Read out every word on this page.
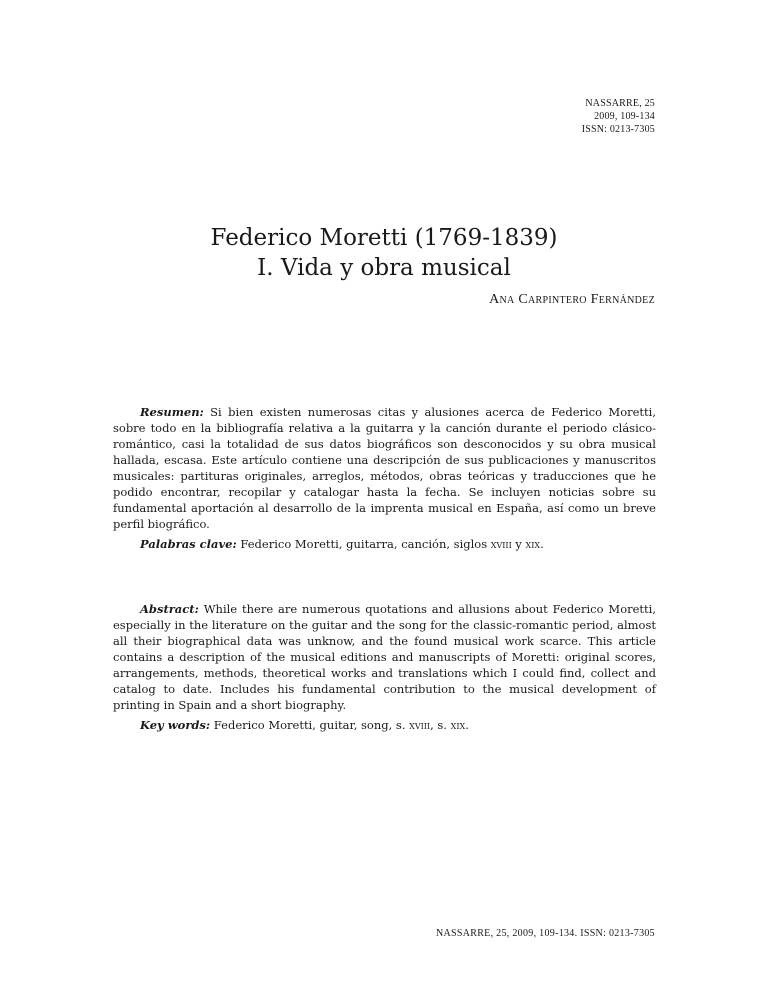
NASSARRE, 25
2009, 109-134
ISSN: 0213-7305
Federico Moretti (1769-1839)
I. Vida y obra musical
Ana Carpintero Fernández

Resumen: Si bien existen numerosas citas y alusiones acerca de Federico Moretti, sobre todo en la bibliografía relativa a la guitarra y la canción durante el periodo clásico-romántico, casi la totalidad de sus datos biográficos son desconocidos y su obra musical hallada, escasa. Este artículo contiene una descripción de sus publicaciones y manuscritos musicales: partituras originales, arreglos, métodos, obras teóricas y traducciones que he podido encontrar, recopilar y catalogar hasta la fecha. Se incluyen noticias sobre su fundamental aportación al desarrollo de la imprenta musical en España, así como un breve perfil biográfico.

Palabras clave: Federico Moretti, guitarra, canción, siglos xviii y xix.

Abstract: While there are numerous quotations and allusions about Federico Moretti, especially in the literature on the guitar and the song for the classic-romantic period, almost all their biographical data was unknow, and the found musical work scarce. This article contains a description of the musical editions and manuscripts of Moretti: original scores, arrangements, methods, theoretical works and translations which I could find, collect and catalog to date. Includes his fundamental contribution to the musical development of printing in Spain and a short biography.

Key words: Federico Moretti, guitar, song, s. xviii, s. xix.

NASSARRE, 25, 2009, 109-134. ISSN: 0213-7305
